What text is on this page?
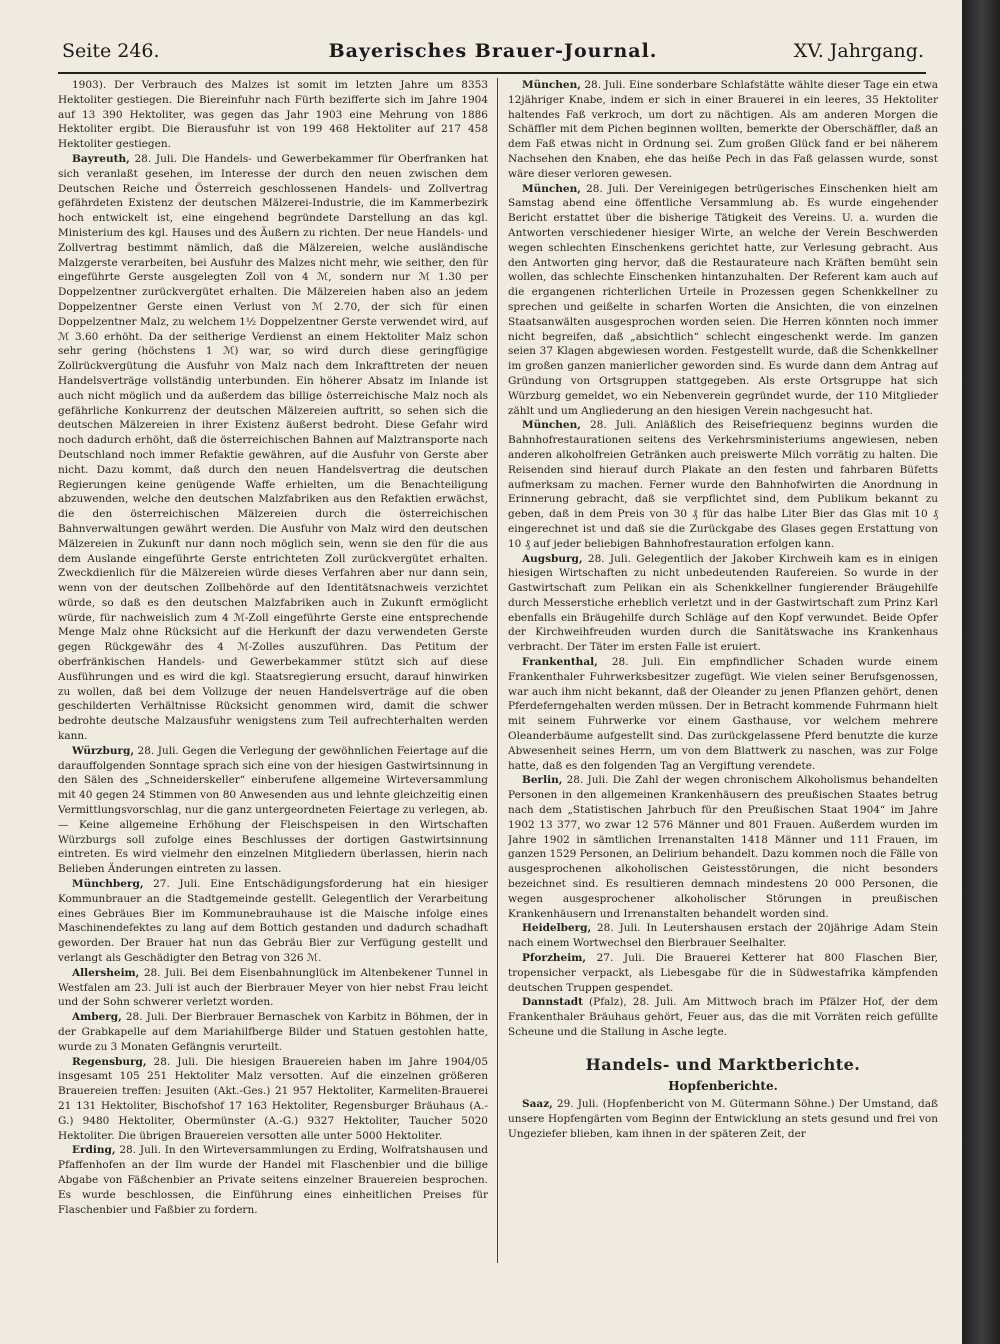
Seite 246.	Bayerisches Brauer-Journal.	XV. Jahrgang.

1903). Der Verbrauch des Malzes ist somit im letzten Jahre um 8353 Hektoliter gestiegen. Die Biereinfuhr nach Fürth bezifferte sich im Jahre 1904 auf 13 390 Hektoliter, was gegen das Jahr 1903 eine Mehrung von 1886 Hektoliter ergibt. Die Bierausfuhr ist von 199 468 Hektoliter auf 217 458 Hektoliter gestiegen.

Bayreuth, 28. Juli. Die Handels- und Gewerbekammer für Oberfranken hat sich veranlaßt gesehen, im Interesse der durch den neuen zwischen dem Deutschen Reiche und Österreich geschlossenen Handels- und Zollvertrag gefährdeten Existenz der deutschen Mälzerei-Industrie, die im Kammerbezirk hoch entwickelt ist, eine eingehend begründete Darstellung an das kgl. Ministerium des kgl. Hauses und des Äußern zu richten. Der neue Handels- und Zollvertrag bestimmt nämlich, daß die Mälzereien, welche ausländische Malzgerste verarbeiten, bei Ausfuhr des Malzes nicht mehr, wie seither, den für eingeführte Gerste ausgelegten Zoll von 4 ℳ, sondern nur ℳ 1.30 per Doppelzentner zurückvergütet erhalten. Die Mälzereien haben also an jedem Doppelzentner Gerste einen Verlust von ℳ 2.70, der sich für einen Doppelzentner Malz, zu welchem 1½ Doppelzentner Gerste verwendet wird, auf ℳ 3.60 erhöht. Da der seitherige Verdienst an einem Hektoliter Malz schon sehr gering (höchstens 1 ℳ) war, so wird durch diese geringfügige Zollrückvergütung die Ausfuhr von Malz nach dem Inkrafttreten der neuen Handelsverträge vollständig unterbunden. Ein höherer Absatz im Inlande ist auch nicht möglich und da außerdem das billige österreichische Malz noch als gefährliche Konkurrenz der deutschen Mälzereien auftritt, so sehen sich die deutschen Mälzereien in ihrer Existenz äußerst bedroht. Diese Gefahr wird noch dadurch erhöht, daß die österreichischen Bahnen auf Malztransporte nach Deutschland noch immer Refaktie gewähren, auf die Ausfuhr von Gerste aber nicht. Dazu kommt, daß durch den neuen Handelsvertrag die deutschen Regierungen keine genügende Waffe erhielten, um die Benachteiligung abzuwenden, welche den deutschen Malzfabriken aus den Refaktien erwächst, die den österreichischen Mälzereien durch die österreichischen Bahnverwaltungen gewährt werden. Die Ausfuhr von Malz wird den deutschen Mälzereien in Zukunft nur dann noch möglich sein, wenn sie den für die aus dem Auslande eingeführte Gerste entrichteten Zoll zurückvergütet erhalten. Zweckdienlich für die Mälzereien würde dieses Verfahren aber nur dann sein, wenn von der deutschen Zollbehörde auf den Identitätsnachweis verzichtet würde, so daß es den deutschen Malzfabriken auch in Zukunft ermöglicht würde, für nachweislich zum 4 ℳ-Zoll eingeführte Gerste eine entsprechende Menge Malz ohne Rücksicht auf die Herkunft der dazu verwendeten Gerste gegen Rückgewähr des 4 ℳ-Zolles auszuführen. Das Petitum der oberfränkischen Handels- und Gewerbekammer stützt sich auf diese Ausführungen und es wird die kgl. Staatsregierung ersucht, darauf hinwirken zu wollen, daß bei dem Vollzuge der neuen Handelsverträge auf die oben geschilderten Verhältnisse Rücksicht genommen wird, damit die schwer bedrohte deutsche Malzausfuhr wenigstens zum Teil aufrechterhalten werden kann.

Würzburg, 28. Juli. Gegen die Verlegung der gewöhnlichen Feiertage auf die darauffolgenden Sonntage sprach sich eine von der hiesigen Gastwirtsinnung in den Sälen des „Schneiderskeller“ einberufene allgemeine Wirteversammlung mit 40 gegen 24 Stimmen von 80 Anwesenden aus und lehnte gleichzeitig einen Vermittlungsvorschlag, nur die ganz untergeordneten Feiertage zu verlegen, ab. — Keine allgemeine Erhöhung der Fleischspeisen in den Wirtschaften Würzburgs soll zufolge eines Beschlusses der dortigen Gastwirtsinnung eintreten. Es wird vielmehr den einzelnen Mitgliedern überlassen, hierin nach Belieben Änderungen eintreten zu lassen.

Münchberg, 27. Juli. Eine Entschädigungsforderung hat ein hiesiger Kommunbrauer an die Stadtgemeinde gestellt. Gelegentlich der Verarbeitung eines Gebräues Bier im Kommunebrauhause ist die Maische infolge eines Maschinendefektes zu lang auf dem Bottich gestanden und dadurch schadhaft geworden. Der Brauer hat nun das Gebräu Bier zur Verfügung gestellt und verlangt als Geschädigter den Betrag von 326 ℳ.

Allersheim, 28. Juli. Bei dem Eisenbahnunglück im Altenbekener Tunnel in Westfalen am 23. Juli ist auch der Bierbrauer Meyer von hier nebst Frau leicht und der Sohn schwerer verletzt worden.

Amberg, 28. Juli. Der Bierbrauer Bernaschek von Karbitz in Böhmen, der in der Grabkapelle auf dem Mariahilfberge Bilder und Statuen gestohlen hatte, wurde zu 3 Monaten Gefängnis verurteilt.

Regensburg, 28. Juli. Die hiesigen Brauereien haben im Jahre 1904/05 insgesamt 105 251 Hektoliter Malz versotten. Auf die einzelnen größeren Brauereien treffen: Jesuiten (Akt.-Ges.) 21 957 Hektoliter, Karmeliten-Brauerei 21 131 Hektoliter, Bischofshof 17 163 Hektoliter, Regensburger Bräuhaus (A.-G.) 9480 Hektoliter, Obermünster (A.-G.) 9327 Hektoliter, Taucher 5020 Hektoliter. Die übrigen Brauereien versotten alle unter 5000 Hektoliter.

Erding, 28. Juli. In den Wirteversammlungen zu Erding, Wolfratshausen und Pfaffenhofen an der Ilm wurde der Handel mit Flaschenbier und die billige Abgabe von Fäßchenbier an Private seitens einzelner Brauereien besprochen. Es wurde beschlossen, die Einführung eines einheitlichen Preises für Flaschenbier und Faßbier zu fordern.

München, 28. Juli. Eine sonderbare Schlafstätte wählte dieser Tage ein etwa 12jähriger Knabe, indem er sich in einer Brauerei in ein leeres, 35 Hektoliter haltendes Faß verkroch, um dort zu nächtigen. Als am anderen Morgen die Schäffler mit dem Pichen beginnen wollten, bemerkte der Oberschäffler, daß an dem Faß etwas nicht in Ordnung sei. Zum großen Glück fand er bei näherem Nachsehen den Knaben, ehe das heiße Pech in das Faß gelassen wurde, sonst wäre dieser verloren gewesen.

München, 28. Juli. Der Vereinigegen betrügerisches Einschenken hielt am Samstag abend eine öffentliche Versammlung ab. Es wurde eingehender Bericht erstattet über die bisherige Tätigkeit des Vereins. U. a. wurden die Antworten verschiedener hiesiger Wirte, an welche der Verein Beschwerden wegen schlechten Einschenkens gerichtet hatte, zur Verlesung gebracht. Aus den Antworten ging hervor, daß die Restaurateure nach Kräften bemüht sein wollen, das schlechte Einschenken hintanzuhalten. Der Referent kam auch auf die ergangenen richterlichen Urteile in Prozessen gegen Schenkkellner zu sprechen und geißelte in scharfen Worten die Ansichten, die von einzelnen Staatsanwälten ausgesprochen worden seien. Die Herren könnten noch immer nicht begreifen, daß „absichtlich“ schlecht eingeschenkt werde. Im ganzen seien 37 Klagen abgewiesen worden. Festgestellt wurde, daß die Schenkkellner im großen ganzen manierlicher geworden sind. Es wurde dann dem Antrag auf Gründung von Ortsgruppen stattgegeben. Als erste Ortsgruppe hat sich Würzburg gemeldet, wo ein Nebenverein gegründet wurde, der 110 Mitglieder zählt und um Angliederung an den hiesigen Verein nachgesucht hat.

München, 28. Juli. Anläßlich des Reisefriequenz beginns wurden die Bahnhofrestaurationen seitens des Verkehrsministeriums angewiesen, neben anderen alkoholfreien Getränken auch preiswerte Milch vorrätig zu halten. Die Reisenden sind hierauf durch Plakate an den festen und fahrbaren Büfetts aufmerksam zu machen. Ferner wurde den Bahnhofwirten die Anordnung in Erinnerung gebracht, daß sie verpflichtet sind, dem Publikum bekannt zu geben, daß in dem Preis von 30 ₰ für das halbe Liter Bier das Glas mit 10 ₰ eingerechnet ist und daß sie die Zurückgabe des Glases gegen Erstattung von 10 ₰ auf jeder beliebigen Bahnhofrestauration erfolgen kann.

Augsburg, 28. Juli. Gelegentlich der Jakober Kirchweih kam es in einigen hiesigen Wirtschaften zu nicht unbedeutenden Raufereien. So wurde in der Gastwirtschaft zum Pelikan ein als Schenkkellner fungierender Bräugehilfe durch Messerstiche erheblich verletzt und in der Gastwirtschaft zum Prinz Karl ebenfalls ein Bräugehilfe durch Schläge auf den Kopf verwundet. Beide Opfer der Kirchweihfreuden wurden durch die Sanitätswache ins Krankenhaus verbracht. Der Täter im ersten Falle ist eruiert.

Frankenthal, 28. Juli. Ein empfindlicher Schaden wurde einem Frankenthaler Fuhrwerksbesitzer zugefügt. Wie vielen seiner Berufsgenossen, war auch ihm nicht bekannt, daß der Oleander zu jenen Pflanzen gehört, denen Pferdeferngehalten werden müssen. Der in Betracht kommende Fuhrmann hielt mit seinem Fuhrwerke vor einem Gasthause, vor welchem mehrere Oleanderbäume aufgestellt sind. Das zurückgelassene Pferd benutzte die kurze Abwesenheit seines Herrn, um von dem Blattwerk zu naschen, was zur Folge hatte, daß es den folgenden Tag an Vergiftung verendete.

Berlin, 28. Juli. Die Zahl der wegen chronischem Alkoholismus behandelten Personen in den allgemeinen Krankenhäusern des preußischen Staates betrug nach dem „Statistischen Jahrbuch für den Preußischen Staat 1904“ im Jahre 1902 13 377, wo zwar 12 576 Männer und 801 Frauen. Außerdem wurden im Jahre 1902 in sämtlichen Irrenanstalten 1418 Männer und 111 Frauen, im ganzen 1529 Personen, an Delirium behandelt. Dazu kommen noch die Fälle von ausgesprochenen alkoholischen Geistesstörungen, die nicht besonders bezeichnet sind. Es resultieren demnach mindestens 20 000 Personen, die wegen ausgesprochener alkoholischer Störungen in preußischen Krankenhäusern und Irrenanstalten behandelt worden sind.

Heidelberg, 28. Juli. In Leutershausen erstach der 20jährige Adam Stein nach einem Wortwechsel den Bierbrauer Seelhalter.

Pforzheim, 27. Juli. Die Brauerei Ketterer hat 800 Flaschen Bier, tropensicher verpackt, als Liebesgabe für die in Südwestafrika kämpfenden deutschen Truppen gespendet.

Dannstadt (Pfalz), 28. Juli. Am Mittwoch brach im Pfälzer Hof, der dem Frankenthaler Bräuhaus gehört, Feuer aus, das die mit Vorräten reich gefüllte Scheune und die Stallung in Asche legte.

Handels- und Marktberichte.
Hopfenberichte.

Saaz, 29. Juli. (Hopfenbericht von M. Gütermann Söhne.) Der Umstand, daß unsere Hopfengärten vom Beginn der Entwicklung an stets gesund und frei von Ungeziefer blieben, kam ihnen in der späteren Zeit, der
